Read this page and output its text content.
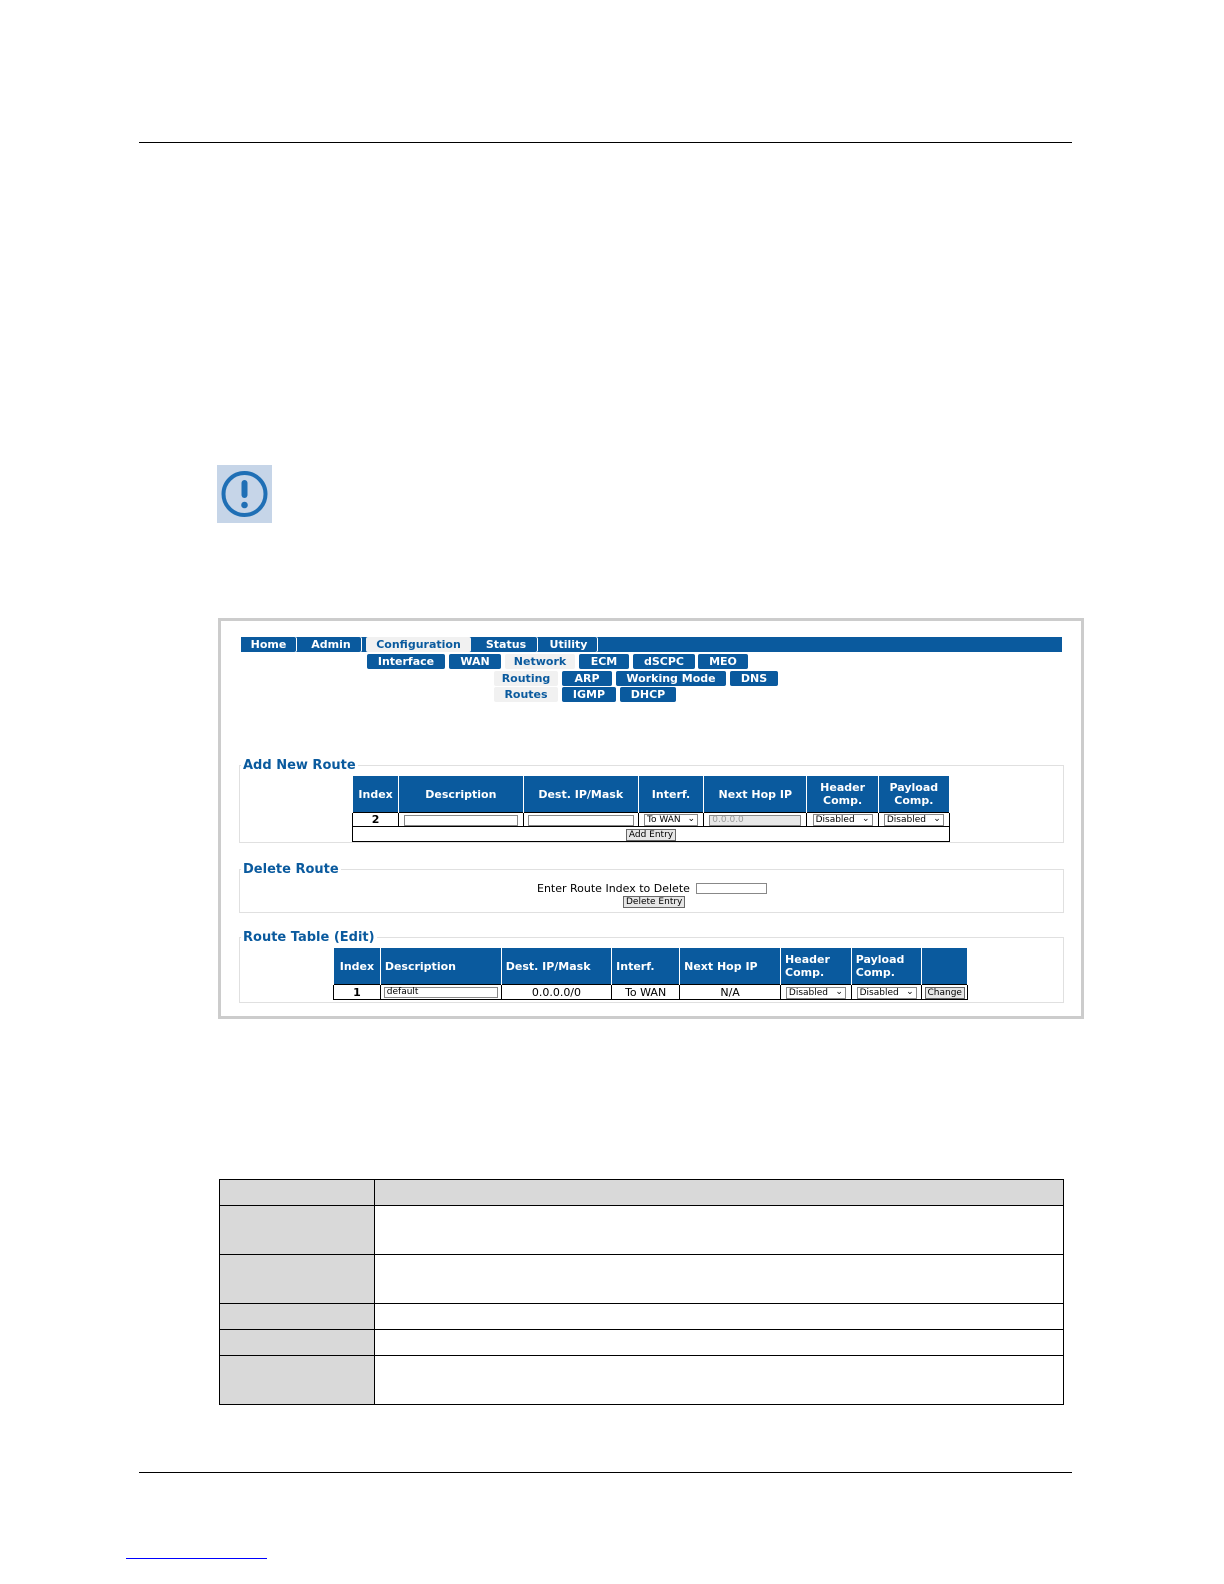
Home	Admin	Configuration	Status	Utility
Interface	WAN	Network	ECM	dSCPC	MEO
Routing	ARP	Working Mode	DNS
Routes	IGMP	DHCP
Add New Route
Index	Description	Dest. IP/Mask	Interf.	Next Hop IP	Header Comp.	Payload Comp.
2			To WAN ⌄	0.0.0.0	Disabled ⌄	Disabled ⌄

Add Entry						
Delete Route
Enter Route Index to Delete
Delete Entry
Route Table (Edit)
Index	Description	Dest. IP/Mask	Interf.	Next Hop IP	Header Comp.	Payload Comp.	
1	default	0.0.0.0/0	To WAN	N/A	Disabled ⌄	Disabled ⌄	Change
